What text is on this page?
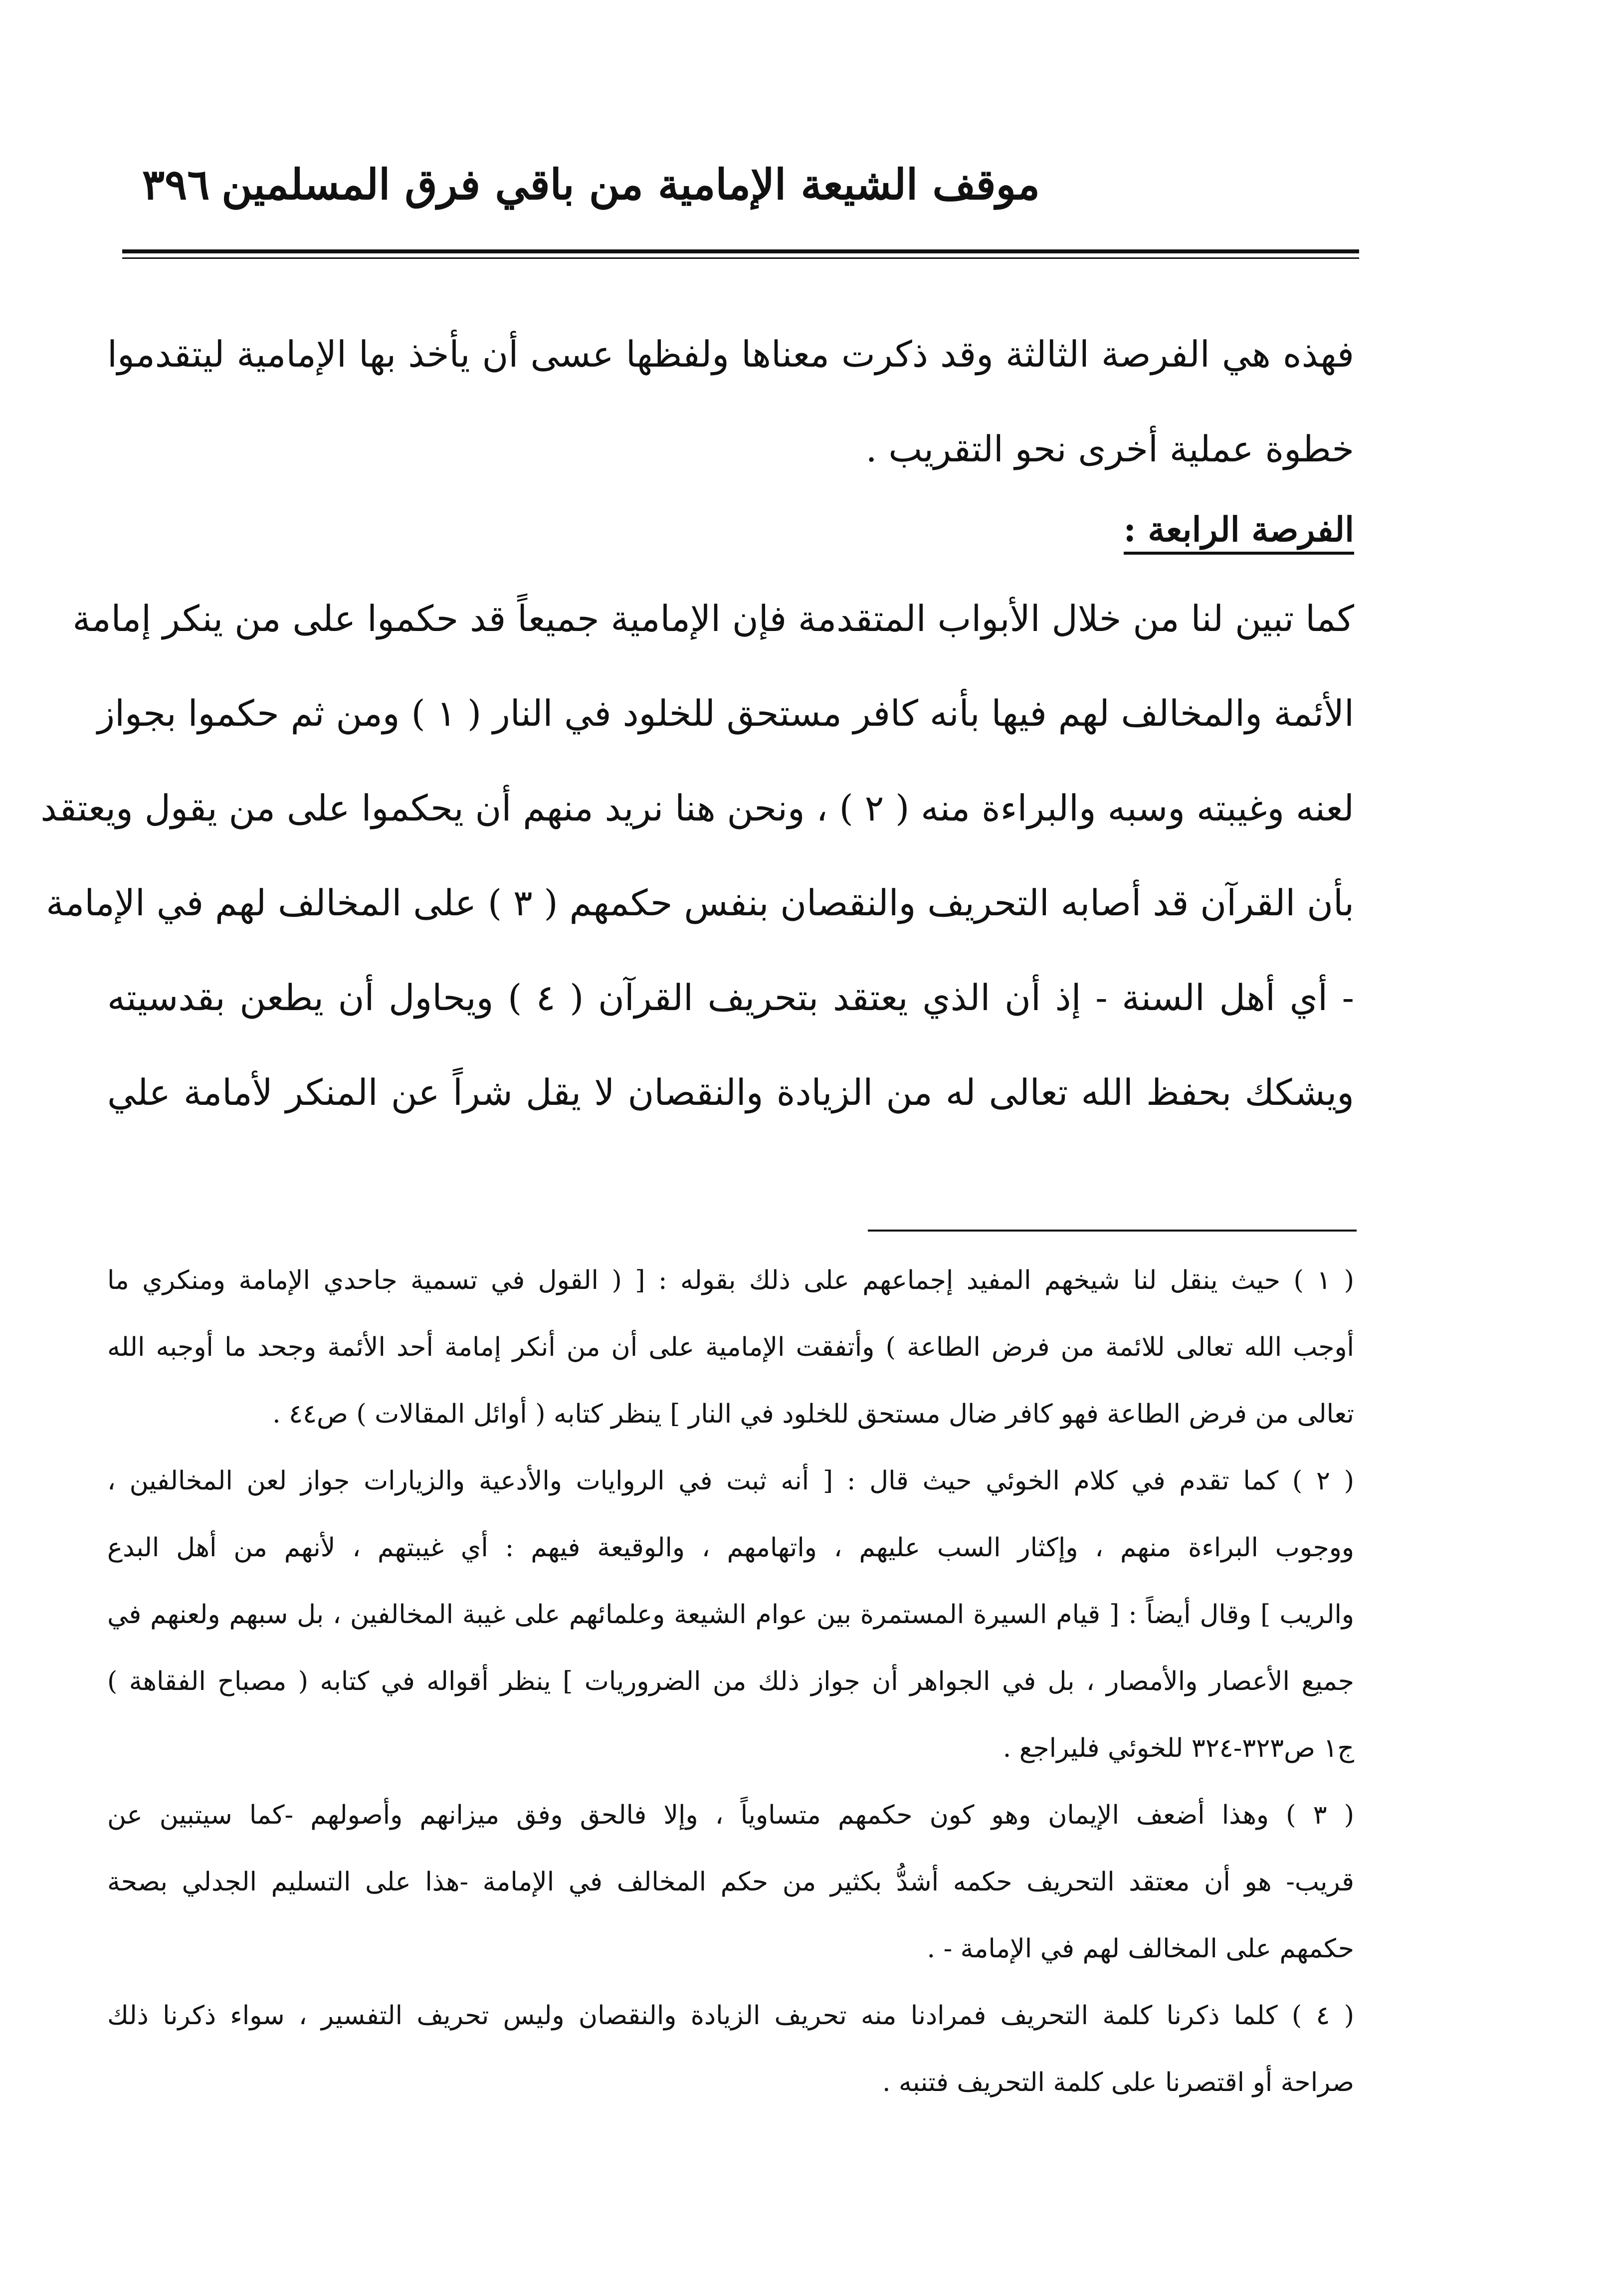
٣٩٦ موقف الشيعة الإمامية من باقي فرق المسلمين
فهذه هي الفرصة الثالثة وقد ذكرت معناها ولفظها عسى أن يأخذ بها الإمامية ليتقدموا
خطوة عملية أخرى نحو التقريب .
الفرصة الرابعة :
كما تبين لنا من خلال الأبواب المتقدمة فإن الإمامية جميعاً قد حكموا على من ينكر إمامة
الأئمة والمخالف لهم فيها بأنه كافر مستحق للخلود في النار ( ١ ) ومن ثم حكموا بجواز
لعنه وغيبته وسبه والبراءة منه ( ٢ ) ، ونحن هنا نريد منهم أن يحكموا على من يقول ويعتقد
بأن القرآن قد أصابه التحريف والنقصان بنفس حكمهم ( ٣ ) على المخالف لهم في الإمامة
- أي أهل السنة - إذ أن الذي يعتقد بتحريف القرآن ( ٤ ) ويحاول أن يطعن بقدسيته
ويشكك بحفظ الله تعالى له من الزيادة والنقصان لا يقل شراً عن المنكر لأمامة علي
( ١ ) حيث ينقل لنا شيخهم المفيد إجماعهم على ذلك بقوله : [ ( القول في تسمية جاحدي الإمامة ومنكري ما
أوجب الله تعالى للائمة من فرض الطاعة ) وأتفقت الإمامية على أن من أنكر إمامة أحد الأئمة وجحد ما أوجبه الله
تعالى من فرض الطاعة فهو كافر ضال مستحق للخلود في النار ] ينظر كتابه ( أوائل المقالات ) ص٤٤ .
( ٢ ) كما تقدم في كلام الخوئي حيث قال : [ أنه ثبت في الروايات والأدعية والزيارات جواز لعن المخالفين ،
ووجوب البراءة منهم ، وإكثار السب عليهم ، واتهامهم ، والوقيعة فيهم : أي غيبتهم ، لأنهم من أهل البدع
والريب ] وقال أيضاً : [ قيام السيرة المستمرة بين عوام الشيعة وعلمائهم على غيبة المخالفين ، بل سبهم ولعنهم في
جميع الأعصار والأمصار ، بل في الجواهر أن جواز ذلك من الضروريات ] ينظر أقواله في كتابه ( مصباح الفقاهة )
ج١ ص٣٢٣-٣٢٤ للخوئي فليراجع .
( ٣ ) وهذا أضعف الإيمان وهو كون حكمهم متساوياً ، وإلا فالحق وفق ميزانهم وأصولهم -كما سيتبين عن
قريب- هو أن معتقد التحريف حكمه أشدُّ بكثير من حكم المخالف في الإمامة -هذا على التسليم الجدلي بصحة
حكمهم على المخالف لهم في الإمامة - .
( ٤ ) كلما ذكرنا كلمة التحريف فمرادنا منه تحريف الزيادة والنقصان وليس تحريف التفسير ، سواء ذكرنا ذلك
صراحة أو اقتصرنا على كلمة التحريف فتنبه .
